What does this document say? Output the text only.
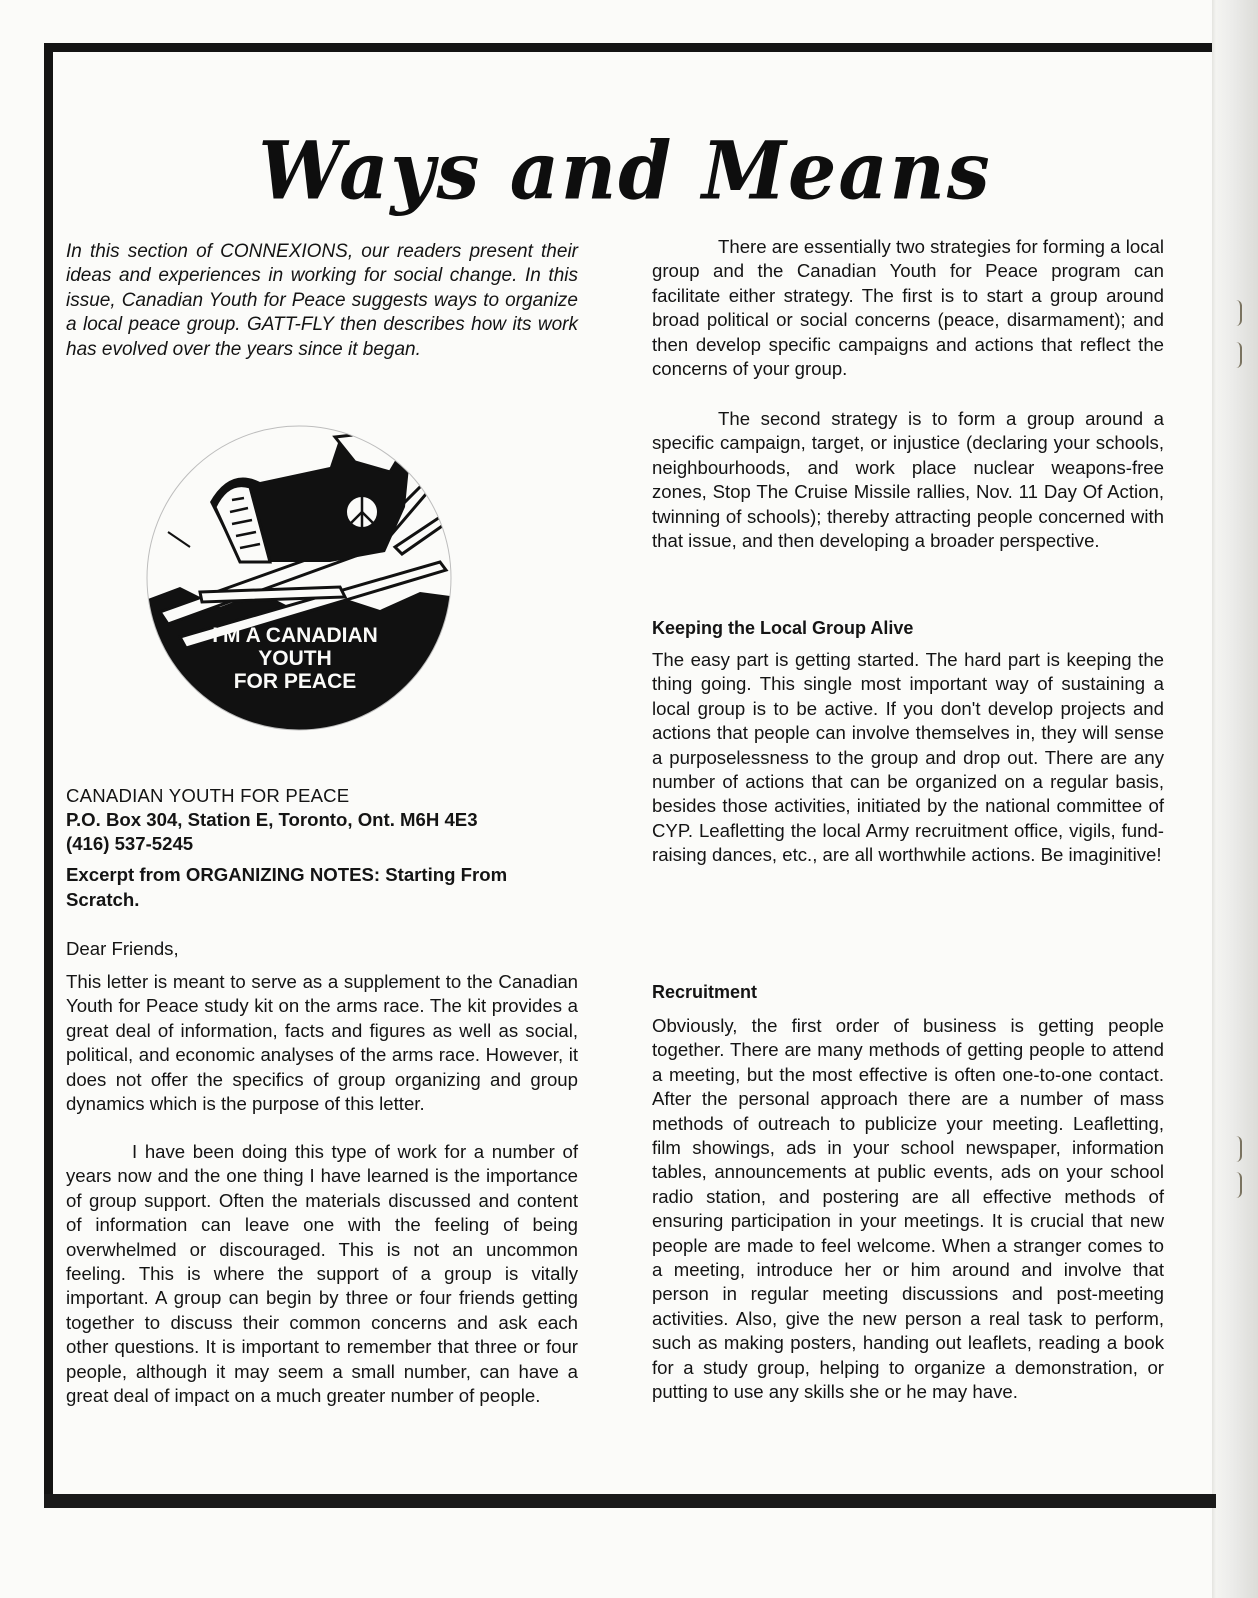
Ways and Means
In this section of CONNEXIONS, our readers present their ideas and experiences in working for social change. In this issue, Canadian Youth for Peace suggests ways to organize a local peace group. GATT-FLY then describes how its work has evolved over the years since it began.
I'M A CANADIAN
YOUTH
FOR PEACE
CANADIAN YOUTH FOR PEACE
P.O. Box 304, Station E, Toronto, Ont. M6H 4E3
(416) 537-5245
Excerpt from ORGANIZING NOTES: Starting From Scratch.
Dear Friends,

This letter is meant to serve as a supplement to the Canadian Youth for Peace study kit on the arms race. The kit provides a great deal of information, facts and figures as well as social, political, and economic analyses of the arms race. However, it does not offer the specifics of group organizing and group dynamics which is the purpose of this letter.

I have been doing this type of work for a number of years now and the one thing I have learned is the importance of group support. Often the materials discussed and content of information can leave one with the feeling of being overwhelmed or discouraged. This is not an uncommon feeling. This is where the support of a group is vitally important. A group can begin by three or four friends getting together to discuss their common concerns and ask each other questions. It is important to remember that three or four people, although it may seem a small number, can have a great deal of impact on a much greater number of people.

There are essentially two strategies for forming a local group and the Canadian Youth for Peace program can facilitate either strategy. The first is to start a group around broad political or social concerns (peace, disarmament); and then develop specific campaigns and actions that reflect the concerns of your group.

The second strategy is to form a group around a specific campaign, target, or injustice (declaring your schools, neighbourhoods, and work place nuclear weapons-free zones, Stop The Cruise Missile rallies, Nov. 11 Day Of Action, twinning of schools); thereby attracting people concerned with that issue, and then developing a broader perspective.

Keeping the Local Group Alive

The easy part is getting started. The hard part is keeping the thing going. This single most important way of sustaining a local group is to be active. If you don't develop projects and actions that people can involve themselves in, they will sense a purposelessness to the group and drop out. There are any number of actions that can be organized on a regular basis, besides those activities, initiated by the national committee of CYP. Leafletting the local Army recruitment office, vigils, fund-raising dances, etc., are all worthwhile actions. Be imaginitive!

Recruitment

Obviously, the first order of business is getting people together. There are many methods of getting people to attend a meeting, but the most effective is often one-to-one contact. After the personal approach there are a number of mass methods of outreach to publicize your meeting. Leafletting, film showings, ads in your school newspaper, information tables, announcements at public events, ads on your school radio station, and postering are all effective methods of ensuring participation in your meetings. It is crucial that new people are made to feel welcome. When a stranger comes to a meeting, introduce her or him around and involve that person in regular meeting discussions and post-meeting activities. Also, give the new person a real task to perform, such as making posters, handing out leaflets, reading a book for a study group, helping to organize a demonstration, or putting to use any skills she or he may have.
